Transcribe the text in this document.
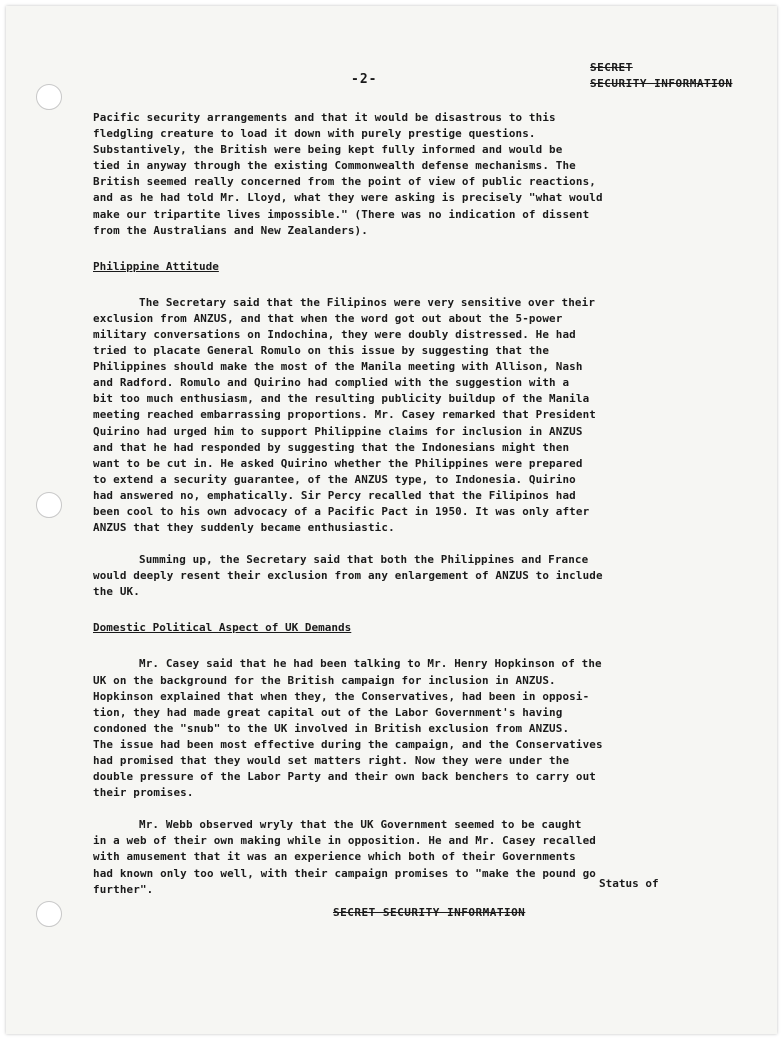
-2-
SECRET
SECURITY INFORMATION
Pacific security arrangements and that it would be disastrous to this
fledgling creature to load it down with purely prestige questions.
Substantively, the British were being kept fully informed and would be
tied in anyway through the existing Commonwealth defense mechanisms. The
British seemed really concerned from the point of view of public reactions,
and as he had told Mr. Lloyd, what they were asking is precisely "what would
make our tripartite lives impossible." (There was no indication of dissent
from the Australians and New Zealanders).
Philippine Attitude
The Secretary said that the Filipinos were very sensitive over their
exclusion from ANZUS, and that when the word got out about the 5-power
military conversations on Indochina, they were doubly distressed. He had
tried to placate General Romulo on this issue by suggesting that the
Philippines should make the most of the Manila meeting with Allison, Nash
and Radford. Romulo and Quirino had complied with the suggestion with a
bit too much enthusiasm, and the resulting publicity buildup of the Manila
meeting reached embarrassing proportions. Mr. Casey remarked that President
Quirino had urged him to support Philippine claims for inclusion in ANZUS
and that he had responded by suggesting that the Indonesians might then
want to be cut in. He asked Quirino whether the Philippines were prepared
to extend a security guarantee, of the ANZUS type, to Indonesia. Quirino
had answered no, emphatically. Sir Percy recalled that the Filipinos had
been cool to his own advocacy of a Pacific Pact in 1950. It was only after
ANZUS that they suddenly became enthusiastic.
Summing up, the Secretary said that both the Philippines and France
would deeply resent their exclusion from any enlargement of ANZUS to include
the UK.
Domestic Political Aspect of UK Demands
Mr. Casey said that he had been talking to Mr. Henry Hopkinson of the
UK on the background for the British campaign for inclusion in ANZUS.
Hopkinson explained that when they, the Conservatives, had been in opposi-
tion, they had made great capital out of the Labor Government's having
condoned the "snub" to the UK involved in British exclusion from ANZUS.
The issue had been most effective during the campaign, and the Conservatives
had promised that they would set matters right. Now they were under the
double pressure of the Labor Party and their own back benchers to carry out
their promises.
Mr. Webb observed wryly that the UK Government seemed to be caught
in a web of their own making while in opposition. He and Mr. Casey recalled
with amusement that it was an experience which both of their Governments
had known only too well, with their campaign promises to "make the pound go
further".	Status of
SECRET SECURITY INFORMATION
